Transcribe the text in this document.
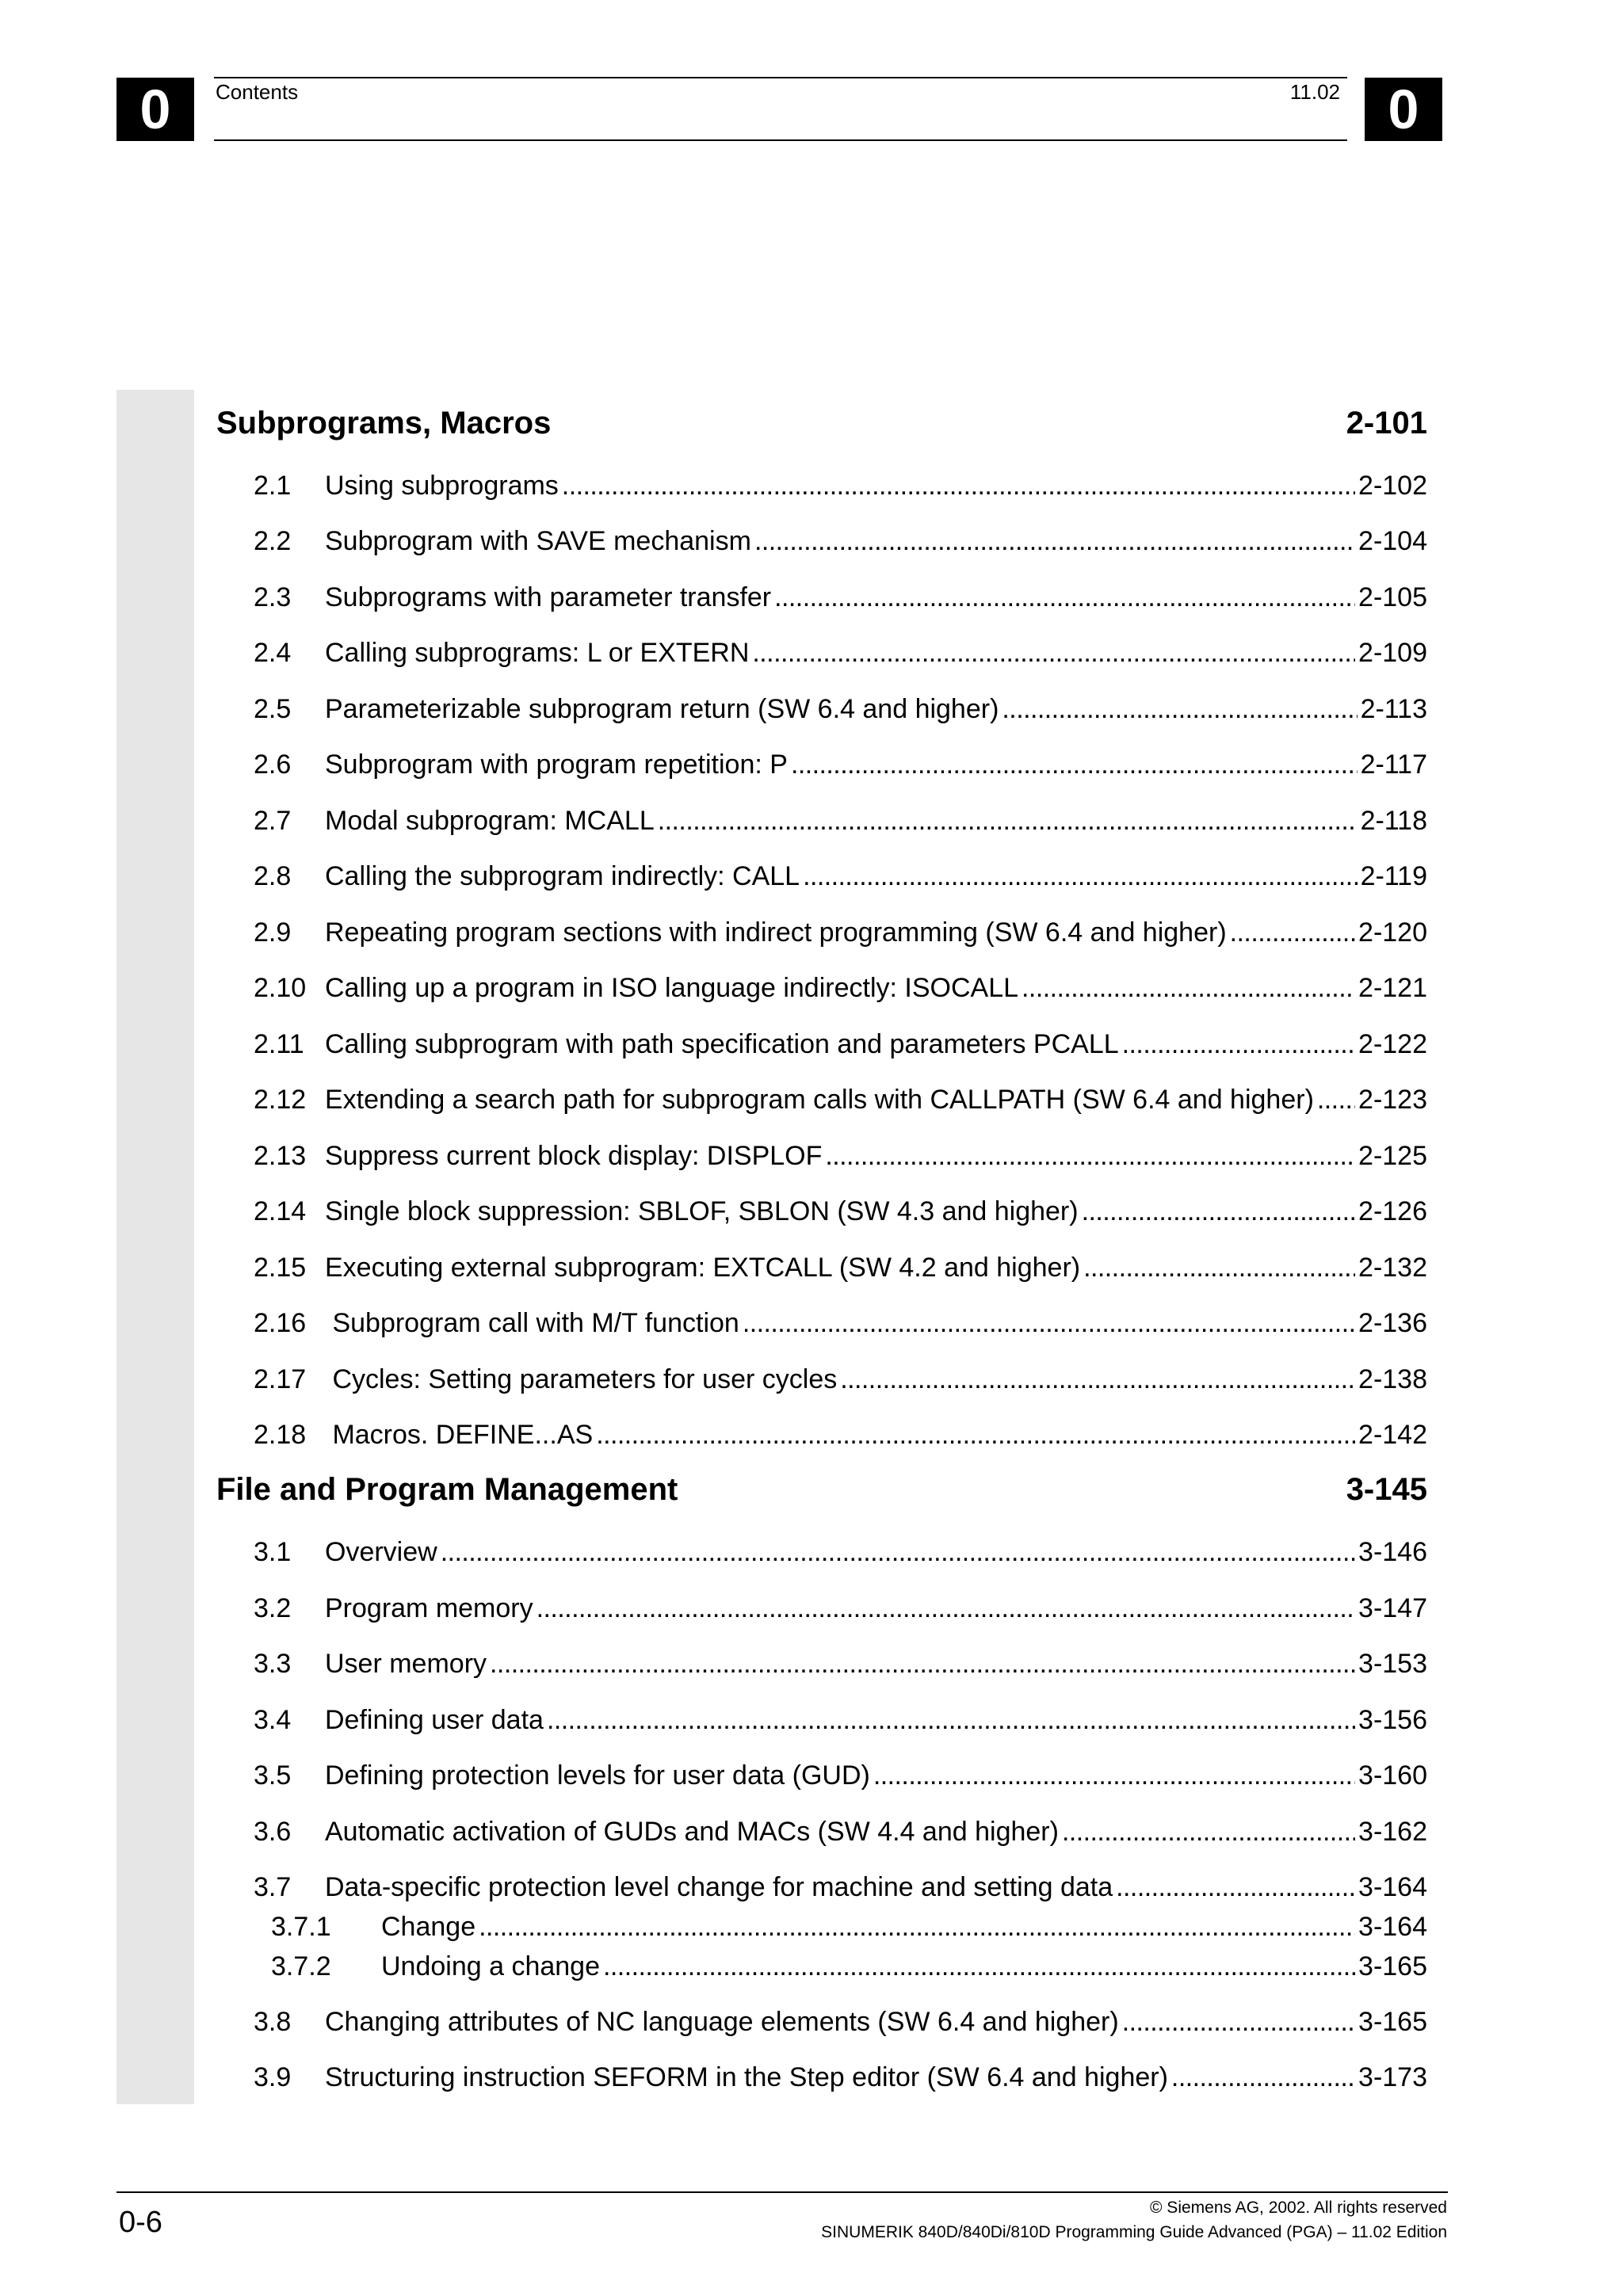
0	0
Contents	11.02
Subprograms, Macros	2-101
2.1	Using subprograms . . .	2-102
2.2	Subprogram with SAVE mechanism . . .	2-104
2.3	Subprograms with parameter transfer . . .	2-105
2.4	Calling subprograms: L or EXTERN . . .	2-109
2.5	Parameterizable subprogram return (SW 6.4 and higher) . . .	2-113
2.6	Subprogram with program repetition: P . . .	2-117
2.7	Modal subprogram: MCALL . . .	2-118
2.8	Calling the subprogram indirectly: CALL . . .	2-119
2.9	Repeating program sections with indirect programming (SW 6.4 and higher) . . .	2-120
2.10 Calling up a program in ISO language indirectly: ISOCALL . . .	2-121
2.11 Calling subprogram with path specification and parameters PCALL . . .	2-122
2.12 Extending a search path for subprogram calls with CALLPATH (SW 6.4 and higher) . . . 2-123
2.13 Suppress current block display: DISPLOF . . .	2-125
2.14 Single block suppression: SBLOF, SBLON (SW 4.3 and higher) . . .	2-126
2.15 Executing external subprogram: EXTCALL (SW 4.2 and higher) . . .	2-132
2.16 Subprogram call with M/T function . . .	2-136
2.17 Cycles: Setting parameters for user cycles . . .	2-138
2.18 Macros. DEFINE...AS . . .	2-142
File and Program Management	3-145
3.1	Overview . . .	3-146
3.2	Program memory . . .	3-147
3.3	User memory . . .	3-153
3.4	Defining user data . . .	3-156
3.5	Defining protection levels for user data (GUD) . . .	3-160
3.6	Automatic activation of GUDs and MACs (SW 4.4 and higher) . . .	3-162
3.7	Data-specific protection level change for machine and setting data . . .	3-164
3.7.1	Change . . .	3-164
3.7.2	Undoing a change . . .	3-165
3.8	Changing attributes of NC language elements (SW 6.4 and higher) . . .	3-165
3.9	Structuring instruction SEFORM in the Step editor (SW 6.4 and higher) . . .	3-173
0-6	© Siemens AG, 2002. All rights reserved
SINUMERIK 840D/840Di/810D Programming Guide Advanced (PGA) – 11.02 Edition
